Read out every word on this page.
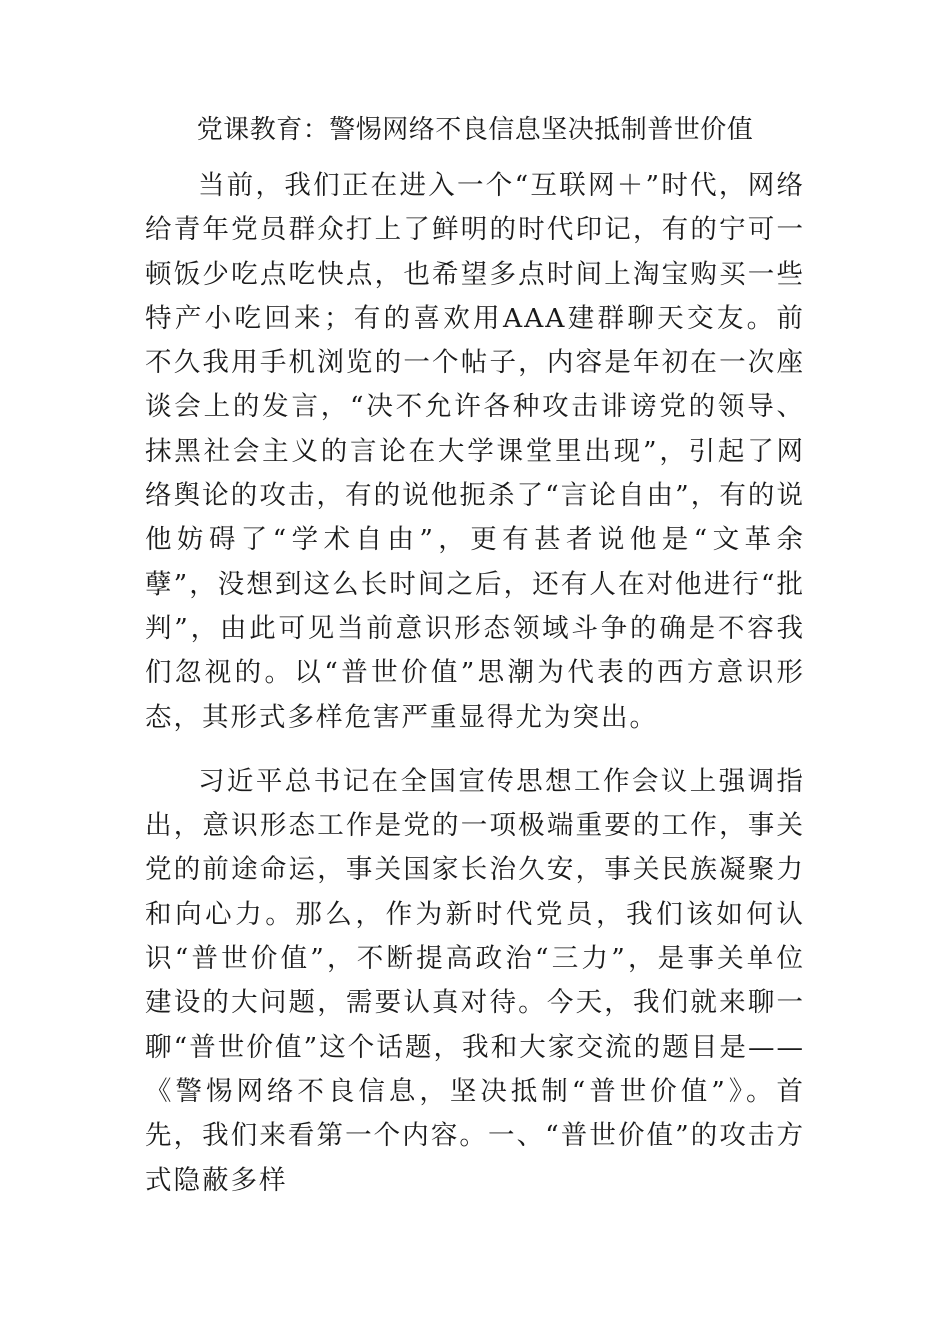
党课教育：警惕网络不良信息坚决抵制普世价值

当前，我们正在进入一个“互联网＋”时代，网络给青年党员群众打上了鲜明的时代印记，有的宁可一顿饭少吃点吃快点，也希望多点时间上淘宝购买一些特产小吃回来；有的喜欢用AAA建群聊天交友。前不久我用手机浏览的一个帖子，内容是年初在一次座谈会上的发言，“决不允许各种攻击诽谤党的领导、抹黑社会主义的言论在大学课堂里出现”，引起了网络舆论的攻击，有的说他扼杀了“言论自由”，有的说他妨碍了“学术自由”，更有甚者说他是“文革余孽”，没想到这么长时间之后，还有人在对他进行“批判”，由此可见当前意识形态领域斗争的确是不容我们忽视的。以“普世价值”思潮为代表的西方意识形态，其形式多样危害严重显得尤为突出。

习近平总书记在全国宣传思想工作会议上强调指出，意识形态工作是党的一项极端重要的工作，事关党的前途命运，事关国家长治久安，事关民族凝聚力和向心力。那么，作为新时代党员，我们该如何认识“普世价值”，不断提高政治“三力”，是事关单位建设的大问题，需要认真对待。今天，我们就来聊一聊“普世价值”这个话题，我和大家交流的题目是——《警惕网络不良信息，坚决抵制“普世价值”》。首先，我们来看第一个内容。一、“普世价值”的攻击方式隐蔽多样
